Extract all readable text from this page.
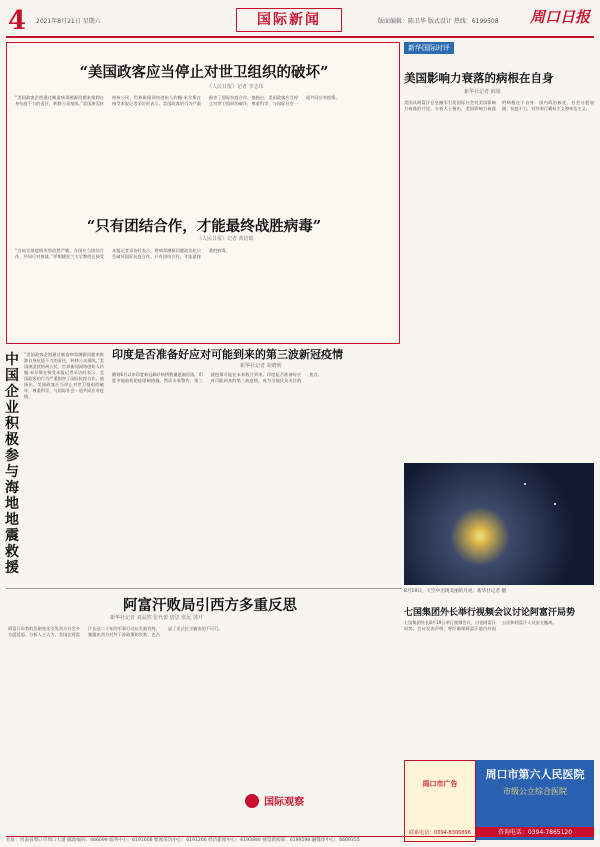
4 2021年8月21日 星期六	国际新闻	版面编辑：陈卫华 版式设计 热线：6199508 周口日报
“美国政客应当停止对世卫组织的破坏”
《人民日报》记者 李志伟
“美国政客企图通过制造病毒溯源问题来推卸自身抗疫不力的责任，转移公众视线。”美国康涅狄格州公民、世界新闻网络创始人约翰·米尔斯在接受本报记者采访时表示，美国政客的行为严重损害了国际抗疫合作。他指出，美国政客应当停止对世卫组织的破坏，尊重科学，与国际社会一道共同应对疫情。
“只有团结合作，才能最终战胜病毒”
《人民日报》记者 黄培昭
“当前全球疫情形势依然严峻，各国应当团结合作，共同应对挑战。”伊朗德黑兰大学教授在接受本报记者采访时表示，将病毒溯源问题政治化只会破坏国际抗疫合作。只有团结合作，才能最终战胜病毒。
中国企业积极参与海地地震救援
“美国政客企图通过制造病毒溯源问题来推卸自身抗疫不力的责任，转移公众视线。”美国康涅狄格州公民、世界新闻网络创始人约翰·米尔斯在接受本报记者采访时表示，美国政客的行为严重损害了国际抗疫合作。他指出，美国政客应当停止对世卫组织的破坏，尊重科学，与国际社会一道共同应对疫情。
印度是否准备好应对可能到来的第三波新冠疫情
新华社记者 胡晓明
随着6月以来印度新冠确诊病例数量逐渐回落，印度多地放松防疫限制措施。然而专家警告，第三波疫情可能在未来数月到来。印度是否准备好应对可能到来的第三波疫情，成为当地民众关注的焦点。
阿富汗败局引西方多重反思
新华社记者 刘品然 张代蕾 唐思 张远 郭升
阿富汗局势的急剧变化引发西方社会多方面反思。分析人士认为，美国在阿富汗长达二十年的军事行动以失败告终，暴露出西方对外干涉政策的失败，也凸显了美式民主输出的不可行。
国际观察
新华国际时评
美国影响力衰落的病根在自身
新华社记者 韩梁
美国从阿富汗仓皇撤军引发国际社会对美国影响力衰落的讨论。分析人士指出，美国影响力衰落的病根在于自身：国内政治极化、社会分裂加剧、抗疫不力，对外奉行霸权主义和单边主义。
8月19日，天空中出现美丽的月亮。新华社记者 摄
七国集团外长举行视频会议讨论阿富汗局势
七国集团外长8月19日举行视频会议，讨论阿富汗局势。会议发表声明，呼吁确保阿富汗境内外国公民和阿富汗人员安全撤离。
周口市广告
联系电话：0394-8306896
周口市第六人民医院
市级公立综合医院
咨询电话：0394-7865120
社址：河南省周口市周口大道 邮政编码：466099 编务中心：6191608 要闻采访中心：6191206 经济新闻中心：6193890 视觉新闻部：6199598 融媒体中心：6609355
